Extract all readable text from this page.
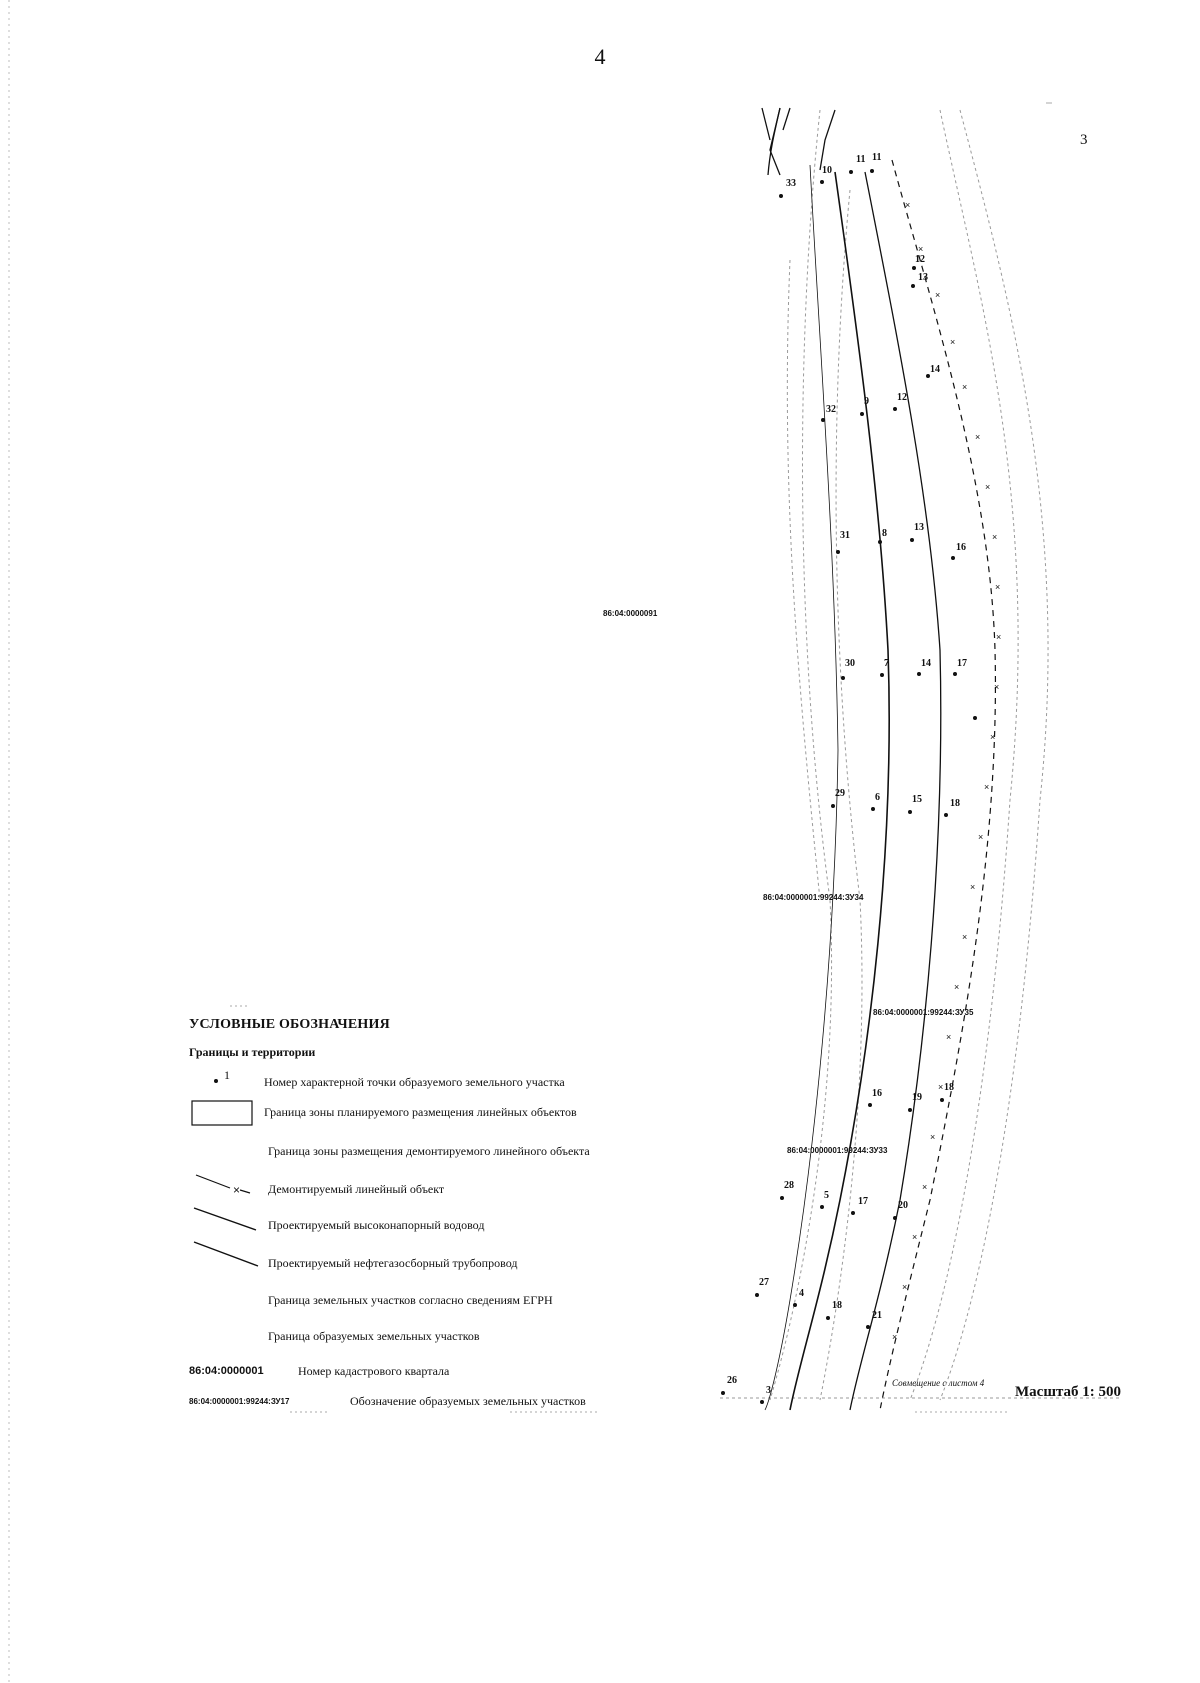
4
3
×
×
×
×
×
×
×
×
×
×
×
×
×
×
×
×
×
×
×
×
×
×
×
×
33
10
11 11
12
13
14
32
9	12
31	8
13
16
30	7	14	17
29	6	15	18
16	19
18
28
5
17	20
27
4
18
21
26
3
86:04:0000091
86:04:0000001:99244:ЗУ34
86:04:0000001:99244:ЗУ35
86:04:0000001:99244:ЗУ33
Совмещение с листом 4
×
1
УСЛОВНЫЕ ОБОЗНАЧЕНИЯ
Границы и территории
Номер характерной точки образуемого земельного участка
Граница зоны планируемого размещения линейных объектов
Граница зоны размещения демонтируемого линейного объекта
Демонтируемый линейный объект
Проектируемый высоконапорный водовод
Проектируемый нефтегазосборный трубопровод
Граница земельных участков согласно сведениям ЕГРН
Граница образуемых земельных участков
86:04:0000001	Номер кадастрового квартала
86:04:0000001:99244:ЗУ17	Обозначение образуемых земельных участков
Масштаб 1: 500
